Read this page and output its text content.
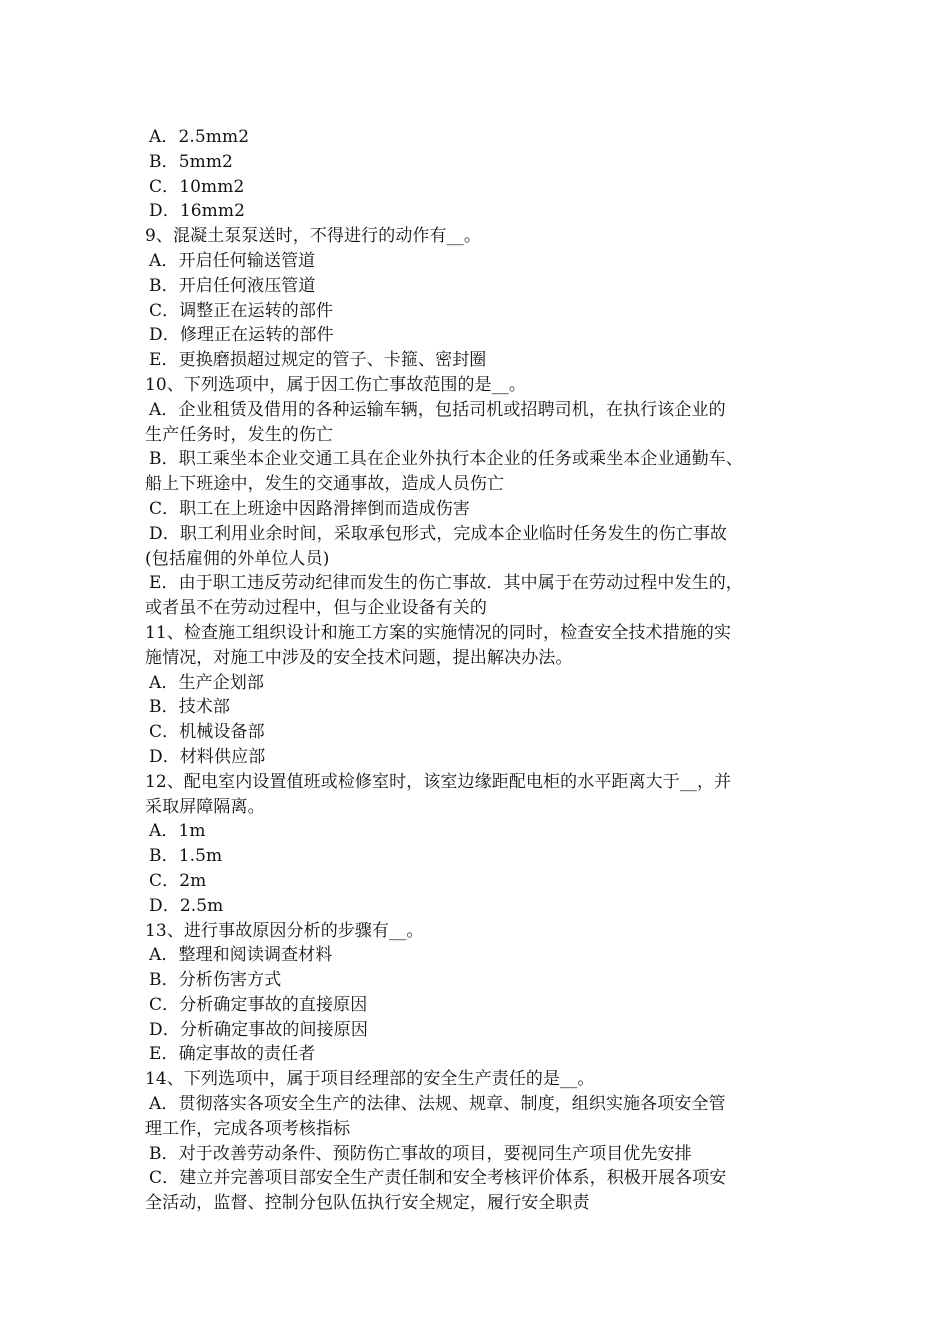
A．2.5mm2
B．5mm2
C．10mm2
D．16mm2
9、混凝土泵泵送时，不得进行的动作有__。
A．开启任何输送管道
B．开启任何液压管道
C．调整正在运转的部件
D．修理正在运转的部件
E．更换磨损超过规定的管子、卡箍、密封圈
10、下列选项中，属于因工伤亡事故范围的是__。
A．企业租赁及借用的各种运输车辆，包括司机或招聘司机，在执行该企业的
生产任务时，发生的伤亡
B．职工乘坐本企业交通工具在企业外执行本企业的任务或乘坐本企业通勤车、
船上下班途中，发生的交通事故，造成人员伤亡
C．职工在上班途中因路滑摔倒而造成伤害
D．职工利用业余时间，采取承包形式，完成本企业临时任务发生的伤亡事故
(包括雇佣的外单位人员)
E．由于职工违反劳动纪律而发生的伤亡事故．其中属于在劳动过程中发生的，
或者虽不在劳动过程中，但与企业设备有关的
11、检查施工组织设计和施工方案的实施情况的同时，检查安全技术措施的实
施情况，对施工中涉及的安全技术问题，提出解决办法。
A．生产企划部
B．技术部
C．机械设备部
D．材料供应部
12、配电室内设置值班或检修室时，该室边缘距配电柜的水平距离大于__，并
采取屏障隔离。
A．1m
B．1.5m
C．2m
D．2.5m
13、进行事故原因分析的步骤有__。
A．整理和阅读调查材料
B．分析伤害方式
C．分析确定事故的直接原因
D．分析确定事故的间接原因
E．确定事故的责任者
14、下列选项中，属于项目经理部的安全生产责任的是__。
A．贯彻落实各项安全生产的法律、法规、规章、制度，组织实施各项安全管
理工作，完成各项考核指标
B．对于改善劳动条件、预防伤亡事故的项目，要视同生产项目优先安排
C．建立并完善项目部安全生产责任制和安全考核评价体系，积极开展各项安
全活动，监督、控制分包队伍执行安全规定，履行安全职责
